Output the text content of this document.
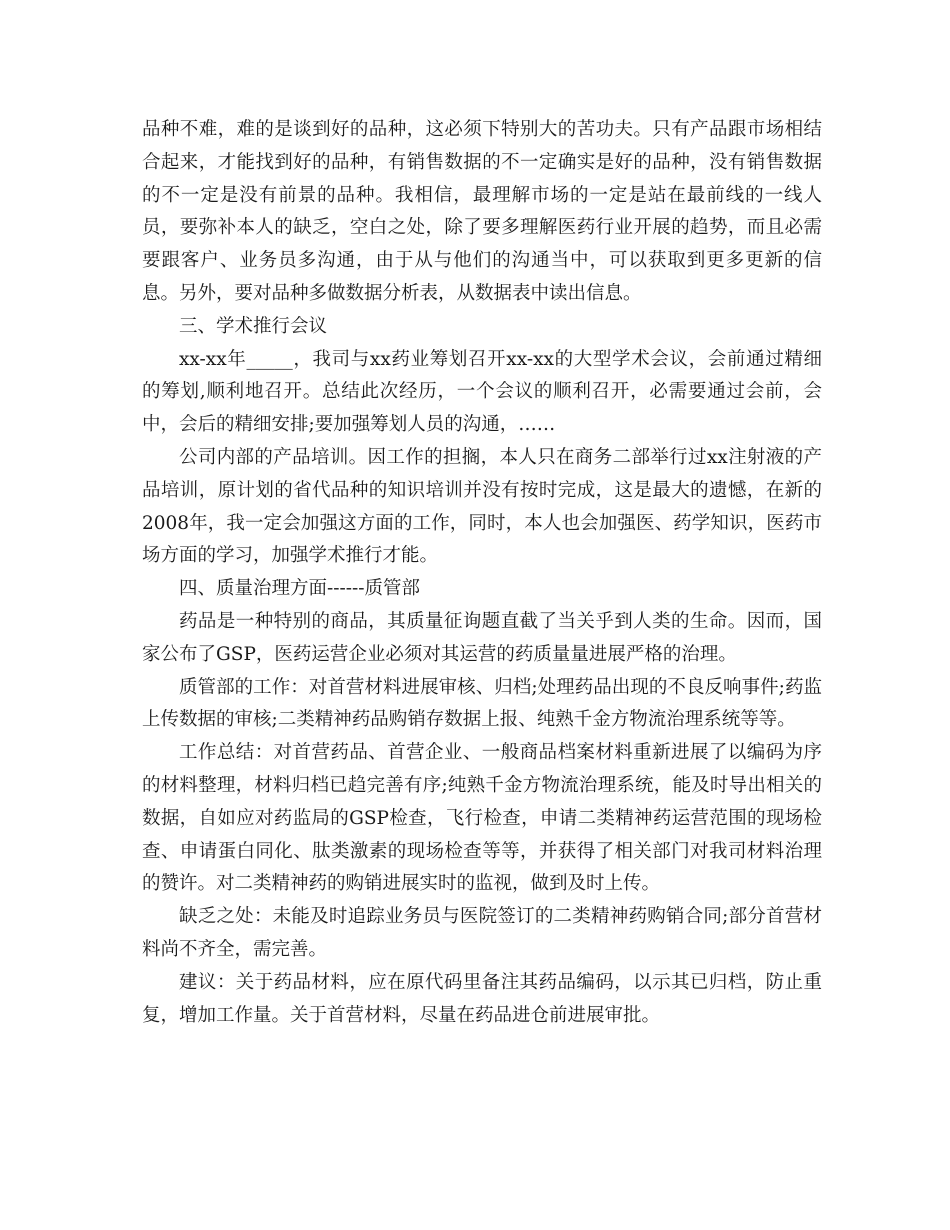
品种不难，难的是谈到好的品种，这必须下特别大的苦功夫。只有产品跟市场相结合起来，才能找到好的品种，有销售数据的不一定确实是好的品种，没有销售数据的不一定是没有前景的品种。我相信，最理解市场的一定是站在最前线的一线人员，要弥补本人的缺乏，空白之处，除了要多理解医药行业开展的趋势，而且必需要跟客户、业务员多沟通，由于从与他们的沟通当中，可以获取到更多更新的信息。另外，要对品种多做数据分析表，从数据表中读出信息。

三、学术推行会议

xx-xx年_____，我司与xx药业筹划召开xx-xx的大型学术会议，会前通过精细的筹划,顺利地召开。总结此次经历，一个会议的顺利召开，必需要通过会前，会中，会后的精细安排;要加强筹划人员的沟通，……

公司内部的产品培训。因工作的担搁，本人只在商务二部举行过xx注射液的产品培训，原计划的省代品种的知识培训并没有按时完成，这是最大的遗憾，在新的2008年，我一定会加强这方面的工作，同时，本人也会加强医、药学知识，医药市场方面的学习，加强学术推行才能。

四、质量治理方面------质管部

药品是一种特别的商品，其质量征询题直截了当关乎到人类的生命。因而，国家公布了GSP，医药运营企业必须对其运营的药质量量进展严格的治理。

质管部的工作：对首营材料进展审核、归档;处理药品出现的不良反响事件;药监上传数据的审核;二类精神药品购销存数据上报、纯熟千金方物流治理系统等等。

工作总结：对首营药品、首营企业、一般商品档案材料重新进展了以编码为序的材料整理，材料归档已趋完善有序;纯熟千金方物流治理系统，能及时导出相关的数据，自如应对药监局的GSP检查，飞行检查，申请二类精神药运营范围的现场检查、申请蛋白同化、肽类激素的现场检查等等，并获得了相关部门对我司材料治理的赞许。对二类精神药的购销进展实时的监视，做到及时上传。

缺乏之处：未能及时追踪业务员与医院签订的二类精神药购销合同;部分首营材料尚不齐全，需完善。

建议：关于药品材料，应在原代码里备注其药品编码，以示其已归档，防止重复，增加工作量。关于首营材料，尽量在药品进仓前进展审批。
